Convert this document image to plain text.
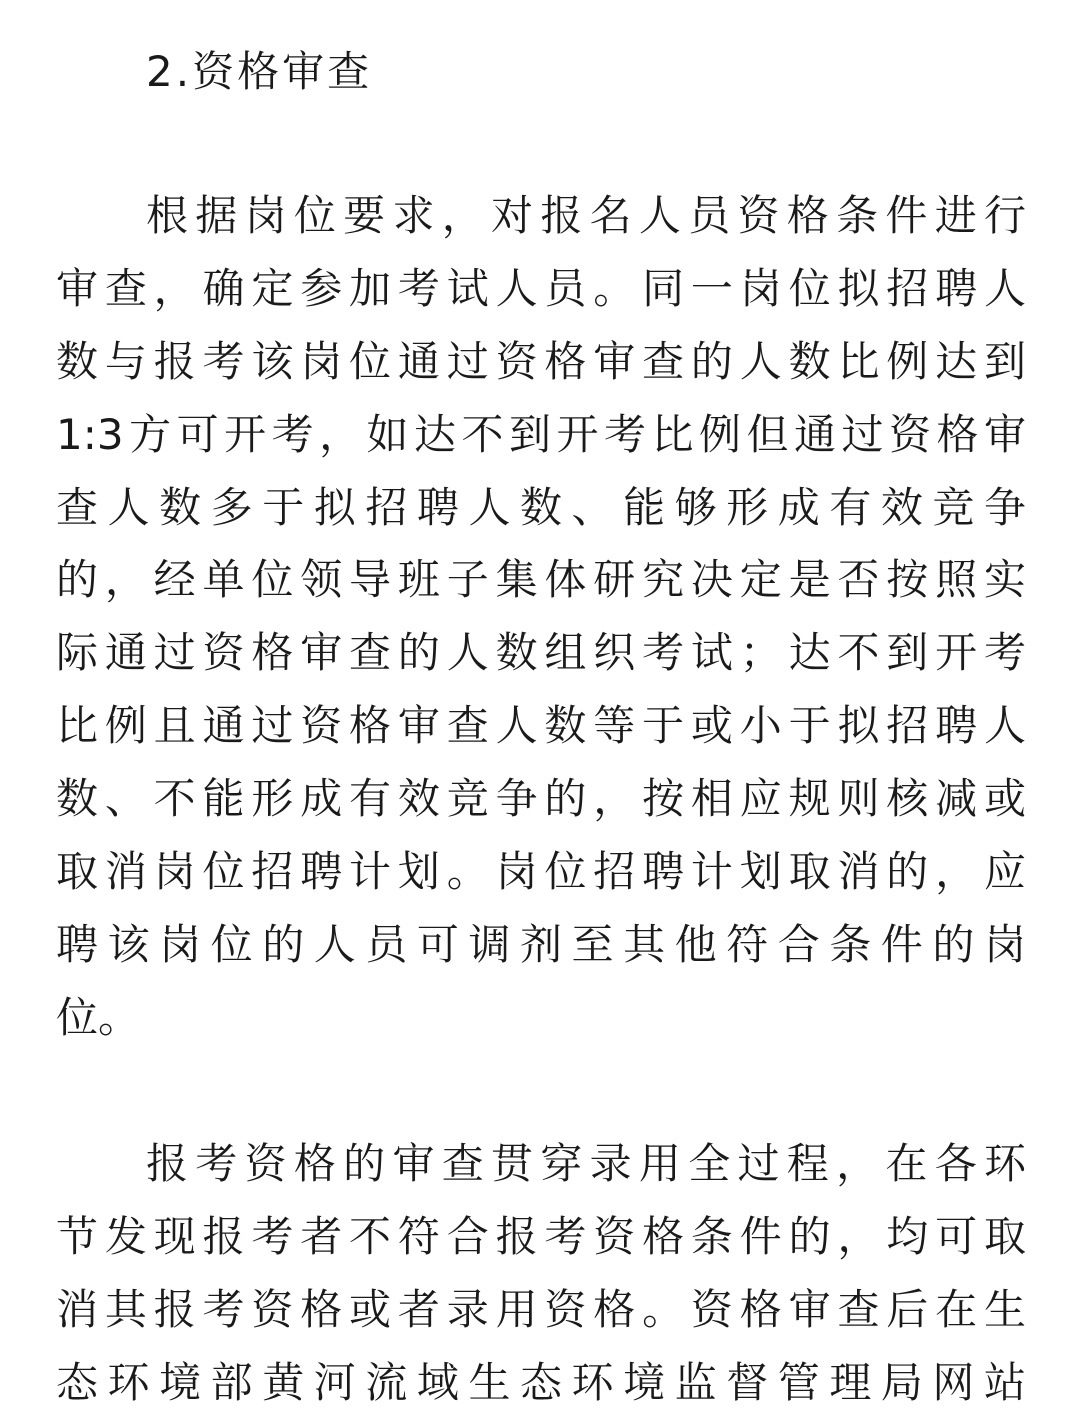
2.资格审查
根据岗位要求，对报名人员资格条件进行
审查，确定参加考试人员。同一岗位拟招聘人
数与报考该岗位通过资格审查的人数比例达到
1:3方可开考，如达不到开考比例但通过资格审
查人数多于拟招聘人数、能够形成有效竞争
的，经单位领导班子集体研究决定是否按照实
际通过资格审查的人数组织考试；达不到开考
比例且通过资格审查人数等于或小于拟招聘人
数、不能形成有效竞争的，按相应规则核减或
取消岗位招聘计划。岗位招聘计划取消的，应
聘该岗位的人员可调剂至其他符合条件的岗
位。
报考资格的审查贯穿录用全过程，在各环
节发现报考者不符合报考资格条件的，均可取
消其报考资格或者录用资格。资格审查后在生
态环境部黄河流域生态环境监督管理局网站
